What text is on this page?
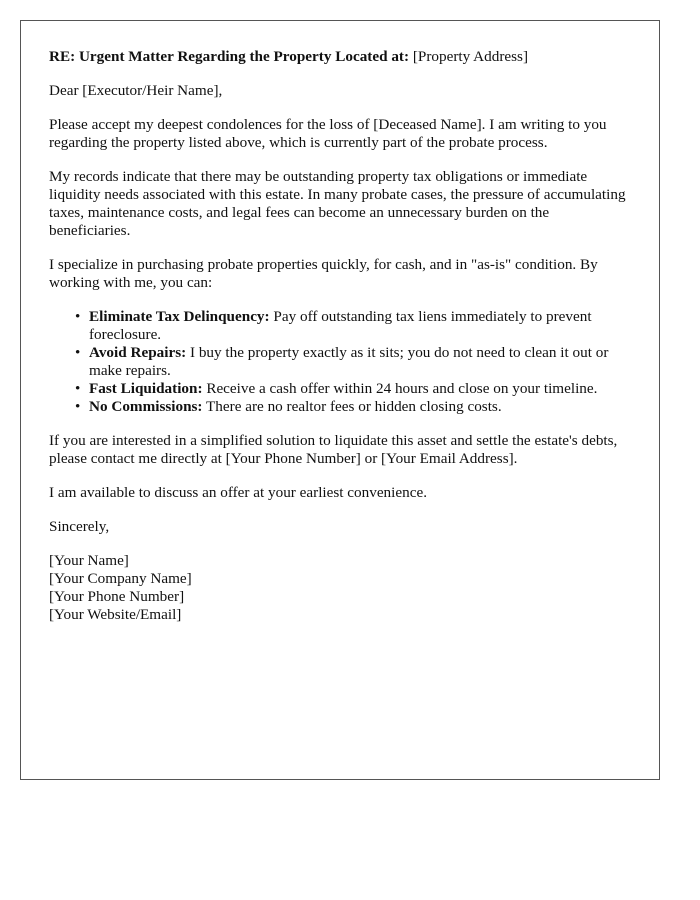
RE: Urgent Matter Regarding the Property Located at: [Property Address]

Dear [Executor/Heir Name],

Please accept my deepest condolences for the loss of [Deceased Name]. I am writing to you regarding the property listed above, which is currently part of the probate process.

My records indicate that there may be outstanding property tax obligations or immediate liquidity needs associated with this estate. In many probate cases, the pressure of accumulating taxes, maintenance costs, and legal fees can become an unnecessary burden on the beneficiaries.

I specialize in purchasing probate properties quickly, for cash, and in "as-is" condition. By working with me, you can:

• Eliminate Tax Delinquency: Pay off outstanding tax liens immediately to prevent foreclosure.
• Avoid Repairs: I buy the property exactly as it sits; you do not need to clean it out or make repairs.
• Fast Liquidation: Receive a cash offer within 24 hours and close on your timeline.
• No Commissions: There are no realtor fees or hidden closing costs.

If you are interested in a simplified solution to liquidate this asset and settle the estate's debts, please contact me directly at [Your Phone Number] or [Your Email Address].

I am available to discuss an offer at your earliest convenience.

Sincerely,

[Your Name]
[Your Company Name]
[Your Phone Number]
[Your Website/Email]
